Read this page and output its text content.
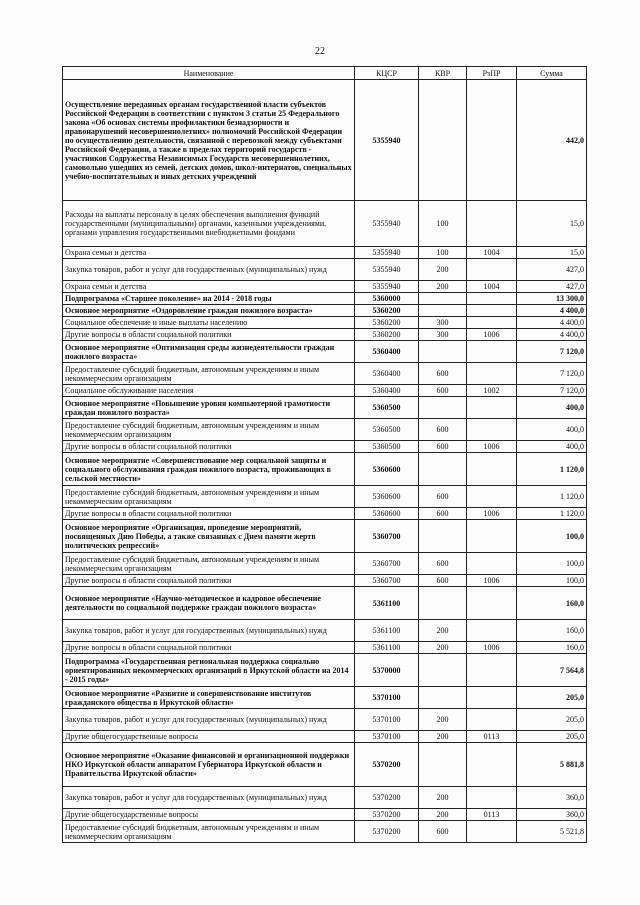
22
Наименование	КЦСР	КВР	РзПР	Сумма
Осуществление переданных органам государственной власти субъектов Российской Федерации в соответствии с пунктом 3 статьи 25 Федерального закона «Об основах системы профилактики безнадзорности и правонарушений несовершеннолетних» полномочий Российской Федерации по осуществлению деятельности, связанной с перевозкой между субъектами Российской Федерации, а также в пределах территорий государств - участников Содружества Независимых Государств несовершеннолетних, самовольно ушедших из семей, детских домов, школ-интернатов, специальных учебно-воспитательных и иных детских учреждений	5355940			442,0
Расходы на выплаты персоналу в целях обеспечения выполнения функций государственными (муниципальными) органами, казенными учреждениями, органами управления государственными внебюджетными фондами	5355940	100		15,0
Охрана семьи и детства	5355940	100	1004	15,0
Закупка товаров, работ и услуг для государственных (муниципальных) нужд	5355940	200		427,0
Охрана семьи и детства	5355940	200	1004	427,0
Подпрограмма «Старшее поколение» на 2014 - 2018 годы	5360000			13 300,0
Основное мероприятие «Оздоровление граждан пожилого возраста»	5360200			4 400,0
Социальное обеспечение и иные выплаты населению	5360200	300		4 400,0
Другие вопросы в области социальной политики	5360200	300	1006	4 400,0
Основное мероприятие «Оптимизация среды жизнедеятельности граждан пожилого возраста»	5360400			7 120,0
Предоставление субсидий бюджетным, автономным учреждениям и иным некоммерческим организациям	5360400	600		7 120,0
Социальное обслуживание населения	5360400	600	1002	7 120,0
Основное мероприятие «Повышение уровня компьютерной грамотности граждан пожилого возраста»	5360500			400,0
Предоставление субсидий бюджетным, автономным учреждениям и иным некоммерческим организациям	5360500	600		400,0
Другие вопросы в области социальной политики	5360500	600	1006	400,0
Основное мероприятие «Совершенствование мер социальной защиты и социального обслуживания граждан пожилого возраста, проживающих в сельской местности»	5360600			1 120,0
Предоставление субсидий бюджетным, автономным учреждениям и иным некоммерческим организациям	5360600	600		1 120,0
Другие вопросы в области социальной политики	5360600	600	1006	1 120,0
Основное мероприятие «Организация, проведение мероприятий, посвященных Дню Победы, а также связанных с Днем памяти жертв политических репрессий»	5360700			100,0
Предоставление субсидий бюджетным, автономным учреждениям и иным некоммерческим организациям	5360700	600		100,0
Другие вопросы в области социальной политики	5360700	600	1006	100,0
Основное мероприятие «Научно-методическое и кадровое обеспечение деятельности по социальной поддержке граждан пожилого возраста»	5361100			160,0
Закупка товаров, работ и услуг для государственных (муниципальных) нужд	5361100	200		160,0
Другие вопросы в области социальной политики	5361100	200	1006	160,0
Подпрограмма «Государственная региональная поддержка социально ориентированных некоммерческих организаций в Иркутской области на 2014 - 2015 годы»	5370000			7 564,8
Основное мероприятие «Развитие и совершенствование институтов гражданского общества в Иркутской области»	5370100			205,0
Закупка товаров, работ и услуг для государственных (муниципальных) нужд	5370100	200		205,0
Другие общегосударственные вопросы	5370100	200	0113	205,0
Основное мероприятие «Оказание финансовой и организационной поддержки НКО Иркутской области аппаратом Губернатора Иркутской области и Правительства Иркутской области»	5370200			5 881,8
Закупка товаров, работ и услуг для государственных (муниципальных) нужд	5370200	200		360,0
Другие общегосударственные вопросы	5370200	200	0113	360,0
Предоставление субсидий бюджетным, автономным учреждениям и иным некоммерческим организациям	5370200	600		5 521,8
